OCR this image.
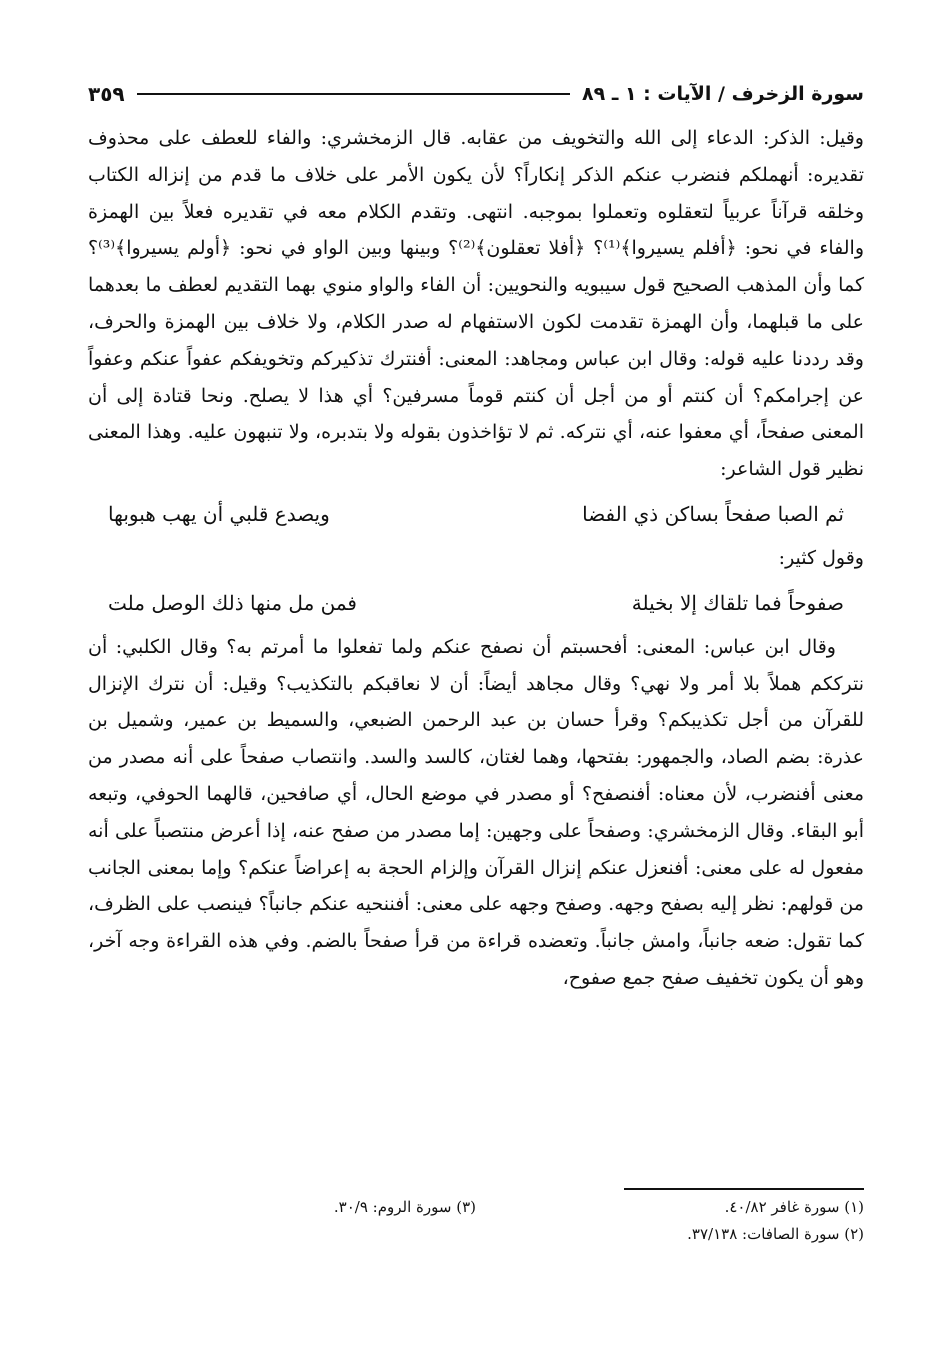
سورة الزخرف / الآيات : ١ ـ ٨٩
٣٥٩

وقيل: الذكر: الدعاء إلى الله والتخويف من عقابه. قال الزمخشري: والفاء للعطف على محذوف تقديره: أنهملكم فنضرب عنكم الذكر إنكاراً؟ لأن يكون الأمر على خلاف ما قدم من إنزاله الكتاب وخلقه قرآناً عربياً لتعقلوه وتعملوا بموجبه. انتهى. وتقدم الكلام معه في تقديره فعلاً بين الهمزة والفاء في نحو: ﴿أفلم يسيروا﴾⁽¹⁾؟ ﴿أفلا تعقلون﴾⁽²⁾؟ وبينها وبين الواو في نحو: ﴿أولم يسيروا﴾⁽³⁾؟ كما وأن المذهب الصحيح قول سيبويه والنحويين: أن الفاء والواو منوي بهما التقديم لعطف ما بعدهما على ما قبلهما، وأن الهمزة تقدمت لكون الاستفهام له صدر الكلام، ولا خلاف بين الهمزة والحرف، وقد رددنا عليه قوله: وقال ابن عباس ومجاهد: المعنى: أفنترك تذكيركم وتخويفكم عفواً عنكم وعفواً عن إجرامكم؟ أن كنتم أو من أجل أن كنتم قوماً مسرفين؟ أي هذا لا يصلح. ونحا قتادة إلى أن المعنى صفحاً، أي معفوا عنه، أي نتركه. ثم لا تؤاخذون بقوله ولا بتدبره، ولا تنبهون عليه. وهذا المعنى نظير قول الشاعر:

ثم الصبا صفحاً بساكن ذي الفضا
ويصدع قلبي أن يهب هبوبها

وقول كثير:

صفوحاً فما تلقاك إلا بخيلة
فمن مل منها ذلك الوصل ملت

وقال ابن عباس: المعنى: أفحسبتم أن نصفح عنكم ولما تفعلوا ما أمرتم به؟ وقال الكلبي: أن نترككم هملاً بلا أمر ولا نهي؟ وقال مجاهد أيضاً: أن لا نعاقبكم بالتكذيب؟ وقيل: أن نترك الإنزال للقرآن من أجل تكذيبكم؟ وقرأ حسان بن عبد الرحمن الضبعي، والسميط بن عمير، وشميل بن عذرة: بضم الصاد، والجمهور: بفتحها، وهما لغتان، كالسد والسد. وانتصاب صفحاً على أنه مصدر من معنى أفنضرب، لأن معناه: أفنصفح؟ أو مصدر في موضع الحال، أي صافحين، قالهما الحوفي، وتبعه أبو البقاء. وقال الزمخشري: وصفحاً على وجهين: إما مصدر من صفح عنه، إذا أعرض منتصباً على أنه مفعول له على معنى: أفنعزل عنكم إنزال القرآن وإلزام الحجة به إعراضاً عنكم؟ وإما بمعنى الجانب من قولهم: نظر إليه بصفح وجهه. وصفح وجهه على معنى: أفننحيه عنكم جانباً؟ فينصب على الظرف، كما تقول: ضعه جانباً، وامش جانباً. وتعضده قراءة من قرأ صفحاً بالضم. وفي هذه القراءة وجه آخر، وهو أن يكون تخفيف صفح جمع صفوح،

(١) سورة غافر ٤٠/٨٢.
(٣) سورة الروم: ٣٠/٩.
(٢) سورة الصافات: ٣٧/١٣٨.
